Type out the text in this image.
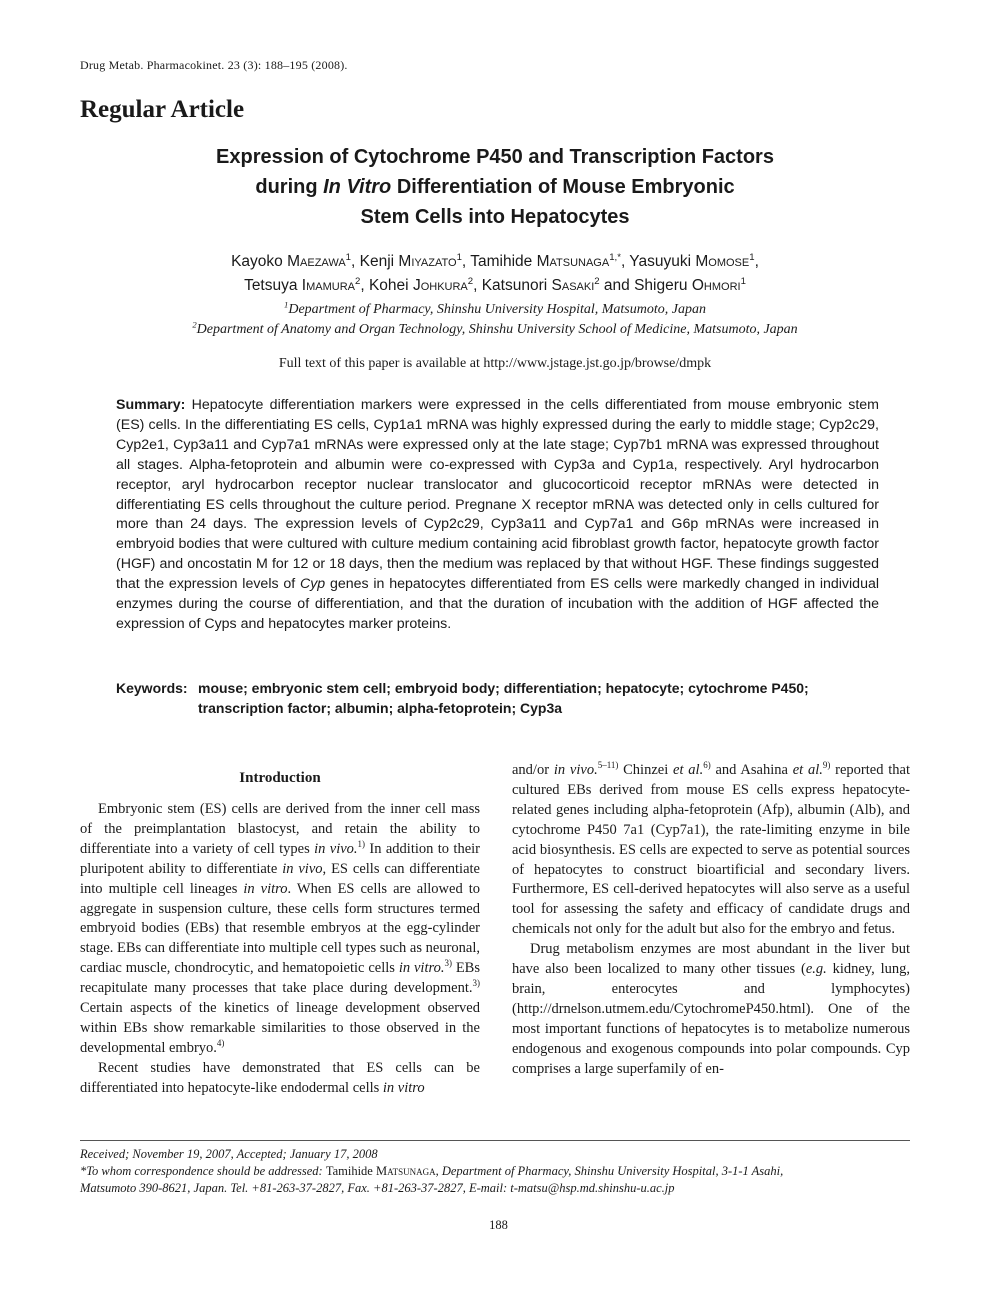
Drug Metab. Pharmacokinet. 23 (3): 188–195 (2008).
Regular Article
Expression of Cytochrome P450 and Transcription Factors
during In Vitro Differentiation of Mouse Embryonic
Stem Cells into Hepatocytes
Kayoko Maezawa$^1$, Kenji Miyazato$^1$, Tamihide Matsunaga$^{1,*}$, Yasuyuki Momose$^1$,
Tetsuya Imamura$^2$, Kohei Johkura$^2$, Katsunori Sasaki$^2$ and Shigeru Ohmori$^1$
$^1$Department of Pharmacy, Shinshu University Hospital, Matsumoto, Japan
$^2$Department of Anatomy and Organ Technology, Shinshu University School of Medicine, Matsumoto, Japan
Full text of this paper is available at http://www.jstage.jst.go.jp/browse/dmpk
Summary: Hepatocyte differentiation markers were expressed in the cells differentiated from mouse embryonic stem (ES) cells. In the differentiating ES cells, Cyp1a1 mRNA was highly expressed during the early to middle stage; Cyp2c29, Cyp2e1, Cyp3a11 and Cyp7a1 mRNAs were expressed only at the late stage; Cyp7b1 mRNA was expressed throughout all stages. Alpha-fetoprotein and albumin were co-expressed with Cyp3a and Cyp1a, respectively. Aryl hydrocarbon receptor, aryl hydrocarbon receptor nuclear translocator and glucocorticoid receptor mRNAs were detected in differentiating ES cells throughout the culture period. Pregnane X receptor mRNA was detected only in cells cultured for more than 24 days. The expression levels of Cyp2c29, Cyp3a11 and Cyp7a1 and G6p mRNAs were increased in embryoid bodies that were cultured with culture medium containing acid fibroblast growth factor, hepatocyte growth factor (HGF) and oncostatin M for 12 or 18 days, then the medium was replaced by that without HGF. These findings suggested that the expression levels of Cyp genes in hepatocytes differentiated from ES cells were markedly changed in individual enzymes during the course of differentiation, and that the duration of incubation with the addition of HGF affected the expression of Cyps and hepatocytes marker proteins.
Keywords: mouse; embryonic stem cell; embryoid body; differentiation; hepatocyte; cytochrome P450;
transcription factor; albumin; alpha-fetoprotein; Cyp3a
Introduction

Embryonic stem (ES) cells are derived from the inner cell mass of the preimplantation blastocyst, and retain the ability to differentiate into a variety of cell types in vivo.$^{1)}$ In addition to their pluripotent ability to differentiate in vivo, ES cells can differentiate into multiple cell lineages in vitro. When ES cells are allowed to aggregate in suspension culture, these cells form structures termed embryoid bodies (EBs) that resemble embryos at the egg-cylinder stage. EBs can differentiate into multiple cell types such as neuronal, cardiac muscle, chondrocytic, and hematopoietic cells in vitro.$^{3)}$ EBs recapitulate many processes that take place during development.$^{3)}$ Certain aspects of the kinetics of lineage development observed within EBs show remarkable similarities to those observed in the developmental embryo.$^{4)}$

Recent studies have demonstrated that ES cells can be differentiated into hepatocyte-like endodermal cells in vitro

and/or in vivo.$^{5-11)}$ Chinzei et al.$^{6)}$ and Asahina et al.$^{9)}$ reported that cultured EBs derived from mouse ES cells express hepatocyte-related genes including alpha-fetoprotein (Afp), albumin (Alb), and cytochrome P450 7a1 (Cyp7a1), the rate-limiting enzyme in bile acid biosynthesis. ES cells are expected to serve as potential sources of hepatocytes to construct bioartificial and secondary livers. Furthermore, ES cell-derived hepatocytes will also serve as a useful tool for assessing the safety and efficacy of candidate drugs and chemicals not only for the adult but also for the embryo and fetus.

Drug metabolism enzymes are most abundant in the liver but have also been localized to many other tissues (e.g. kidney, lung, brain, enterocytes and lymphocytes) (http://drnelson.utmem.edu/CytochromeP450.html). One of the most important functions of hepatocytes is to metabolize numerous endogenous and exogenous compounds into polar compounds. Cyp comprises a large superfamily of en-

Received; November 19, 2007, Accepted; January 17, 2008
*To whom correspondence should be addressed: Tamihide Matsunaga, Department of Pharmacy, Shinshu University Hospital, 3-1-1 Asahi,
Matsumoto 390-8621, Japan. Tel. +81-263-37-2827, Fax. +81-263-37-2827, E-mail: t-matsu@hsp.md.shinshu-u.ac.jp
188
